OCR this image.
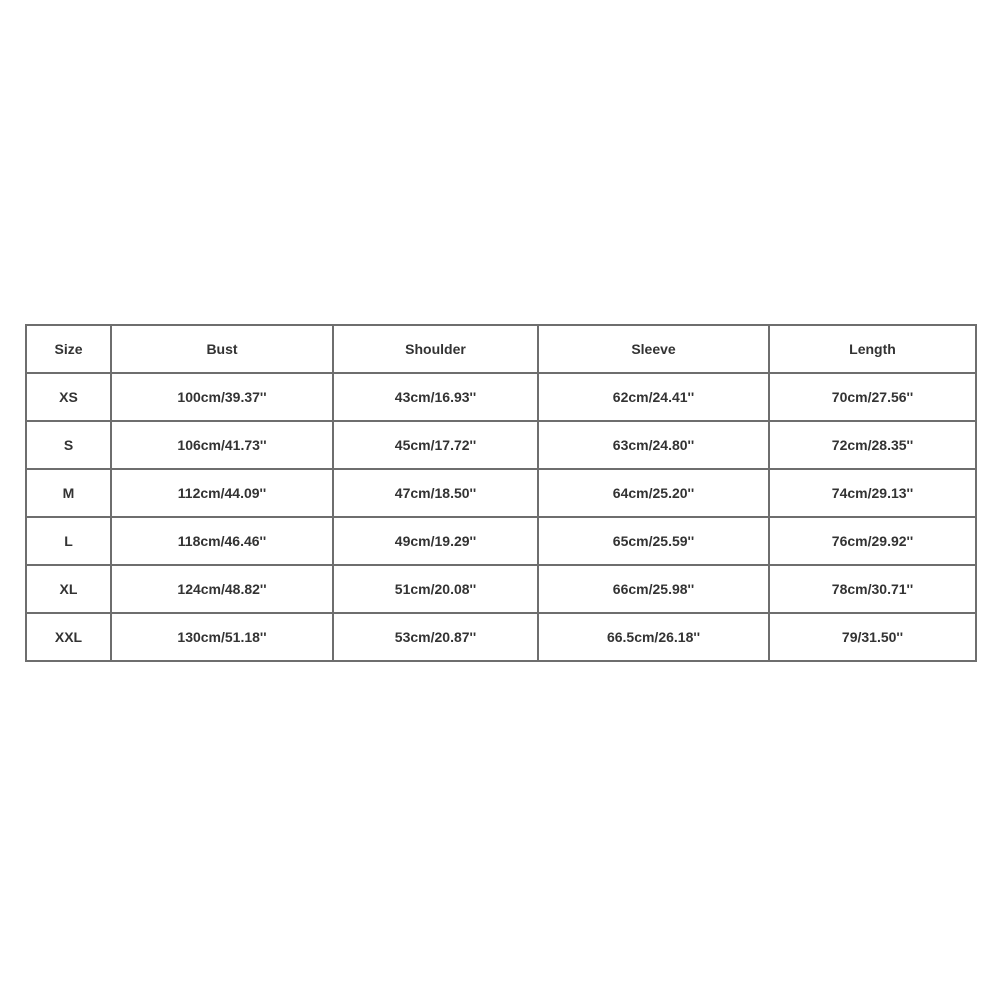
Size	Bust	Shoulder	Sleeve	Length
XS	100cm/39.37''	43cm/16.93''	62cm/24.41''	70cm/27.56''
S	106cm/41.73''	45cm/17.72''	63cm/24.80''	72cm/28.35''
M	112cm/44.09''	47cm/18.50''	64cm/25.20''	74cm/29.13''
L	118cm/46.46''	49cm/19.29''	65cm/25.59''	76cm/29.92''
XL	124cm/48.82''	51cm/20.08''	66cm/25.98''	78cm/30.71''
XXL	130cm/51.18''	53cm/20.87''	66.5cm/26.18''	79/31.50''
